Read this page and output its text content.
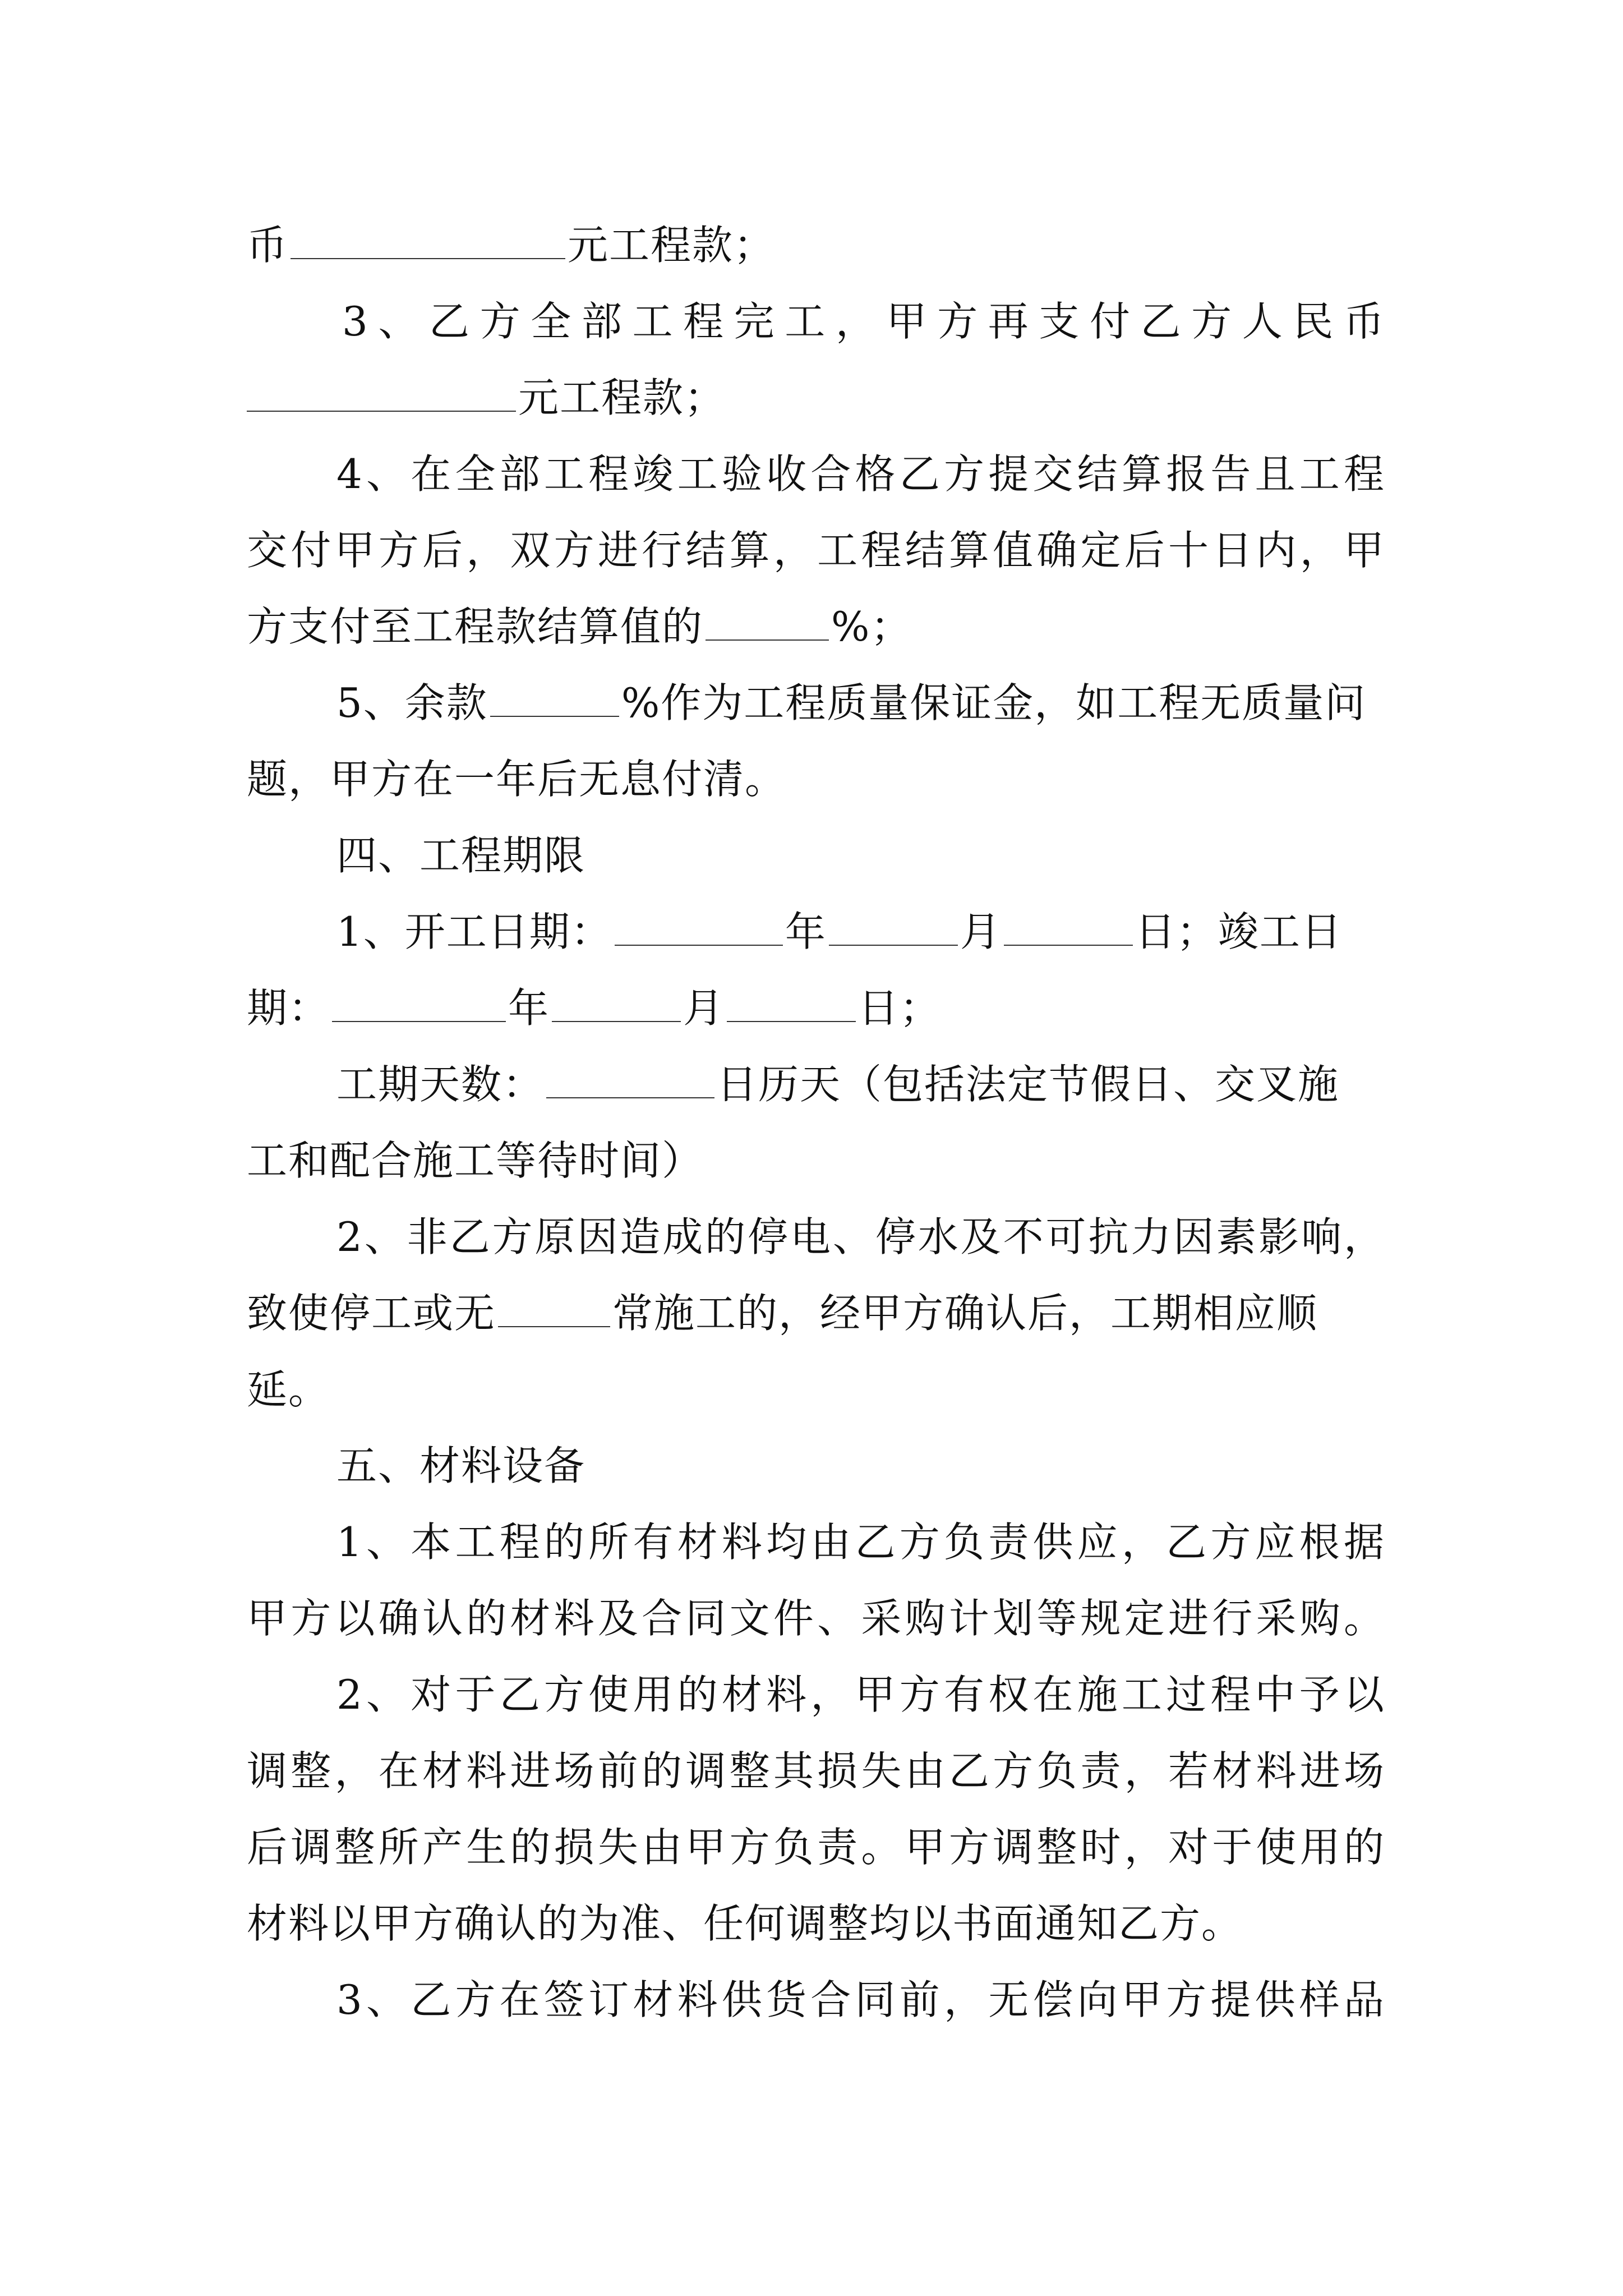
币	元工程款；
3、乙方全部工程完工，甲方再支付乙方人民币
元工程款；
4、在全部工程竣工验收合格乙方提交结算报告且工程
交付甲方后，双方进行结算，工程结算值确定后十日内，甲
方支付至工程款结算值的	%；
5、余款	%作为工程质量保证金，如工程无质量问
题，甲方在一年后无息付清。
四、工程期限
1、开工日期：	年	月	日；竣工日
期：	年	月	日；
工期天数：	日历天（包括法定节假日、交叉施
工和配合施工等待时间）
2、非乙方原因造成的停电、停水及不可抗力因素影响，
致使停工或无	常施工的，经甲方确认后，工期相应顺
延。
五、材料设备
1、本工程的所有材料均由乙方负责供应，乙方应根据
甲方以确认的材料及合同文件、采购计划等规定进行采购。
2、对于乙方使用的材料，甲方有权在施工过程中予以
调整，在材料进场前的调整其损失由乙方负责，若材料进场
后调整所产生的损失由甲方负责。甲方调整时，对于使用的
材料以甲方确认的为准、任何调整均以书面通知乙方。
3、乙方在签订材料供货合同前，无偿向甲方提供样品
